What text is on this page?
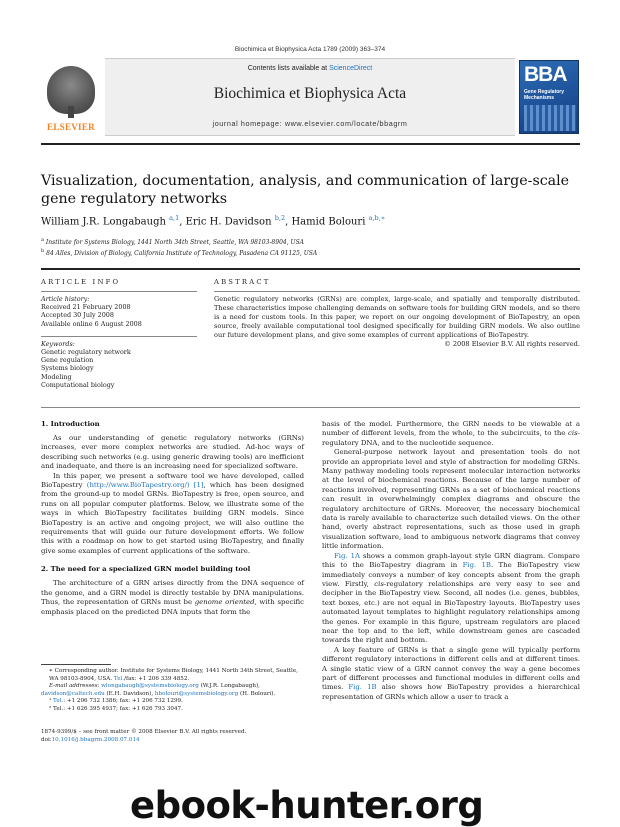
Biochimica et Biophysica Acta 1789 (2009) 363–374
ELSEVIER
Contents lists available at ScienceDirect
Biochimica et Biophysica Acta
journal homepage: www.elsevier.com/locate/bbagrm
BBA
Gene Regulatory Mechanisms
Visualization, documentation, analysis, and communication of large-scale gene regulatory networks
William J.R. Longabaugh $^{a,1}$, Eric H. Davidson $^{b,2}$, Hamid Bolouri $^{a,b,∗}$
$^a$ Institute for Systems Biology, 1441 North 34th Street, Seattle, WA 98103-8904, USA
$^b$ 84 Alles, Division of Biology, California Institute of Technology, Pasadena CA 91125, USA
ARTICLE INFO
Article history:
Received 21 February 2008
Accepted 30 July 2008
Available online 6 August 2008
Keywords:
Genetic regulatory network
Gene regulation
Systems biology
Modeling
Computational biology
ABSTRACT
Genetic regulatory networks (GRNs) are complex, large-scale, and spatially and temporally distributed. These characteristics impose challenging demands on software tools for building GRN models, and so there is a need for custom tools. In this paper, we report on our ongoing development of BioTapestry, an open source, freely available computational tool designed specifically for building GRN models. We also outline our future development plans, and give some examples of current applications of BioTapestry.
© 2008 Elsevier B.V. All rights reserved.
1. Introduction
As our understanding of genetic regulatory networks (GRNs) increases, ever more complex networks are studied. Ad-hoc ways of describing such networks (e.g. using generic drawing tools) are inefficient and inadequate, and there is an increasing need for specialized software.
In this paper, we present a software tool we have developed, called BioTapestry (http://www.BioTapestry.org/) [1], which has been designed from the ground-up to model GRNs. BioTapestry is free, open source, and runs on all popular computer platforms. Below, we illustrate some of the ways in which BioTapestry facilitates building GRN models. Since BioTapestry is an active and ongoing project, we will also outline the requirements that will guide our future development efforts. We follow this with a roadmap on how to get started using BioTapestry, and finally give some examples of current applications of the software.
2. The need for a specialized GRN model building tool
The architecture of a GRN arises directly from the DNA sequence of the genome, and a GRN model is directly testable by DNA manipulations. Thus, the representation of GRNs must be genome oriented, with specific emphasis placed on the predicted DNA inputs that form the
basis of the model. Furthermore, the GRN needs to be viewable at a number of different levels, from the whole, to the subcircuits, to the cis-regulatory DNA, and to the nucleotide sequence.
General-purpose network layout and presentation tools do not provide an appropriate level and style of abstraction for modeling GRNs. Many pathway modeling tools represent molecular interaction networks at the level of biochemical reactions. Because of the large number of reactions involved, representing GRNs as a set of biochemical reactions can result in overwhelmingly complex diagrams and obscure the regulatory architecture of GRNs. Moreover, the necessary biochemical data is rarely available to characterize such detailed views. On the other hand, overly abstract representations, such as those used in graph visualization software, lead to ambiguous network diagrams that convey little information.
Fig. 1A shows a common graph-layout style GRN diagram. Compare this to the BioTapestry diagram in Fig. 1B. The BioTapestry view immediately conveys a number of key concepts absent from the graph view. Firstly, cis-regulatory relationships are very easy to see and decipher in the BioTapestry view. Second, all nodes (i.e. genes, bubbles, text boxes, etc.) are not equal in BioTapestry layouts. BioTapestry uses automated layout templates to highlight regulatory relationships among the genes. For example in this figure, upstream regulators are placed near the top and to the left, while downstream genes are cascaded towards the right and bottom.
A key feature of GRNs is that a single gene will typically perform different regulatory interactions in different cells and at different times. A single static view of a GRN cannot convey the way a gene becomes part of different processes and functional modules in different cells and times. Fig. 1B also shows how BioTapestry provides a hierarchical representation of GRNs which allow a user to track a
∗ Corresponding author. Institute for Systems Biology, 1441 North 34th Street, Seattle, WA 98103-8904, USA. Tel./fax: +1 206 339 4852.
E-mail addresses: wlongabaugh@systemsbiology.org (W.J.R. Longabaugh),
davidson@caltech.edu (E.H. Davidson), hbolouri@systemsbiology.org (H. Bolouri).
¹ Tel.: +1 206 732 1386; fax: +1 206 732 1299.
² Tel.: +1 626 395 4937; fax: +1 626 793 3047.
1874-9399/$ – see front matter © 2008 Elsevier B.V. All rights reserved.
doi:10.1016/j.bbagrm.2008.07.014
ebook-hunter.org
